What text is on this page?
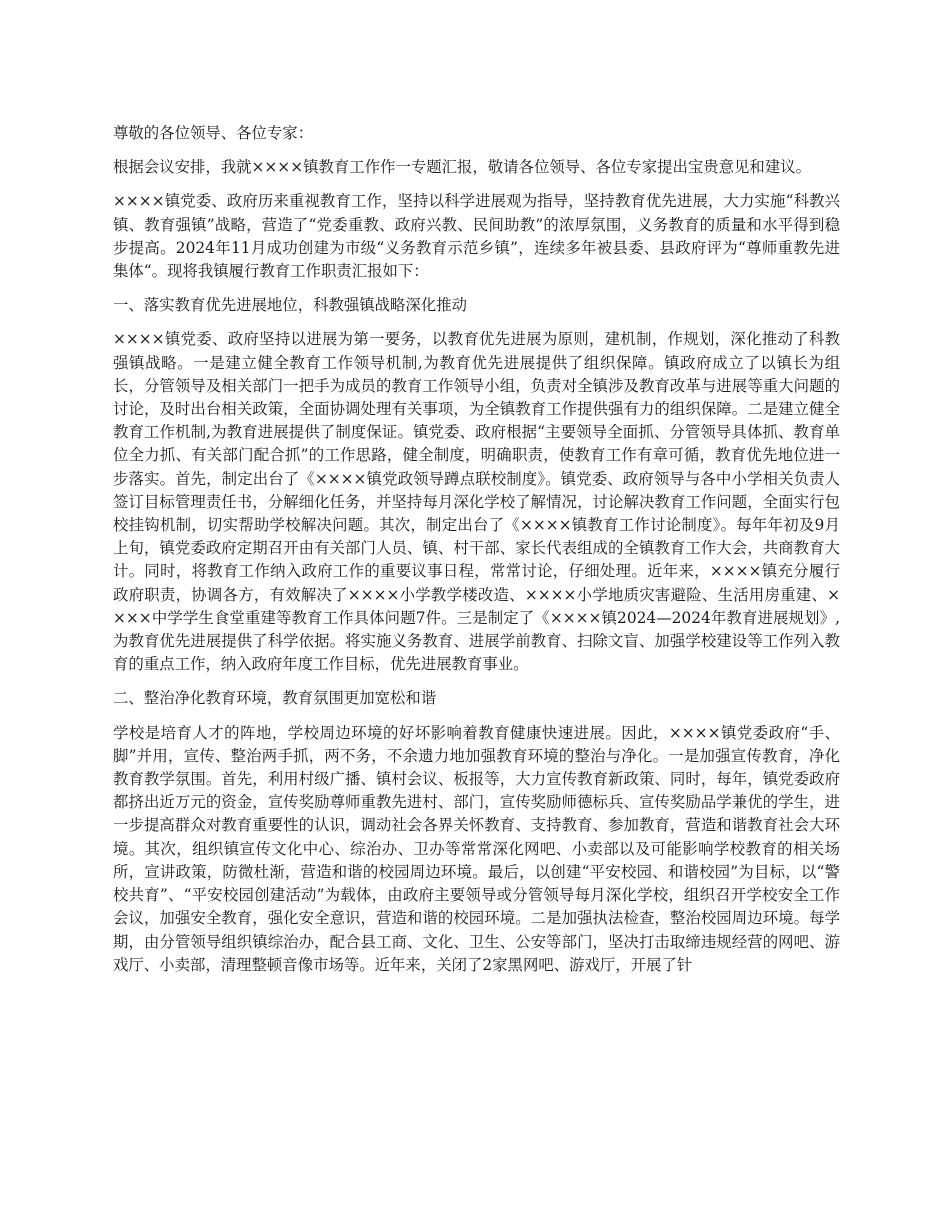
尊敬的各位领导、各位专家：

根据会议安排，我就××××镇教育工作作一专题汇报，敬请各位领导、各位专家提出宝贵意见和建议。

××××镇党委、政府历来重视教育工作，坚持以科学进展观为指导，坚持教育优先进展，大力实施“科教兴镇、教育强镇”战略，营造了“党委重教、政府兴教、民间助教”的浓厚氛围，义务教育的质量和水平得到稳步提高。2024年11月成功创建为市级“义务教育示范乡镇”，连续多年被县委、县政府评为“尊师重教先进集体“。现将我镇履行教育工作职责汇报如下：

一、落实教育优先进展地位，科教强镇战略深化推动

××××镇党委、政府坚持以进展为第一要务，以教育优先进展为原则，建机制，作规划，深化推动了科教强镇战略。一是建立健全教育工作领导机制,为教育优先进展提供了组织保障。镇政府成立了以镇长为组长，分管领导及相关部门一把手为成员的教育工作领导小组，负责对全镇涉及教育改革与进展等重大问题的讨论，及时出台相关政策，全面协调处理有关事项，为全镇教育工作提供强有力的组织保障。二是建立健全教育工作机制,为教育进展提供了制度保证。镇党委、政府根据“主要领导全面抓、分管领导具体抓、教育单位全力抓、有关部门配合抓”的工作思路，健全制度，明确职责，使教育工作有章可循，教育优先地位进一步落实。首先，制定出台了《××××镇党政领导蹲点联校制度》。镇党委、政府领导与各中小学相关负责人签订目标管理责任书，分解细化任务，并坚持每月深化学校了解情况，讨论解决教育工作问题，全面实行包校挂钩机制，切实帮助学校解决问题。其次，制定出台了《××××镇教育工作讨论制度》。每年年初及9月上旬，镇党委政府定期召开由有关部门人员、镇、村干部、家长代表组成的全镇教育工作大会，共商教育大计。同时，将教育工作纳入政府工作的重要议事日程，常常讨论，仔细处理。近年来，××××镇充分履行政府职责，协调各方，有效解决了××××小学教学楼改造、××××小学地质灾害避险、生活用房重建、××××中学学生食堂重建等教育工作具体问题7件。三是制定了《××××镇2024—2024年教育进展规划》,为教育优先进展提供了科学依据。将实施义务教育、进展学前教育、扫除文盲、加强学校建设等工作列入教育的重点工作，纳入政府年度工作目标，优先进展教育事业。

二、整治净化教育环境，教育氛围更加宽松和谐

学校是培育人才的阵地，学校周边环境的好坏影响着教育健康快速进展。因此，××××镇党委政府“手、脚”并用，宣传、整治两手抓，两不务，不余遗力地加强教育环境的整治与净化。一是加强宣传教育，净化教育教学氛围。首先，利用村级广播、镇村会议、板报等，大力宣传教育新政策、同时，每年，镇党委政府都挤出近万元的资金，宣传奖励尊师重教先进村、部门，宣传奖励师德标兵、宣传奖励品学兼优的学生，进一步提高群众对教育重要性的认识，调动社会各界关怀教育、支持教育、参加教育，营造和谐教育社会大环境。其次，组织镇宣传文化中心、综治办、卫办等常常深化网吧、小卖部以及可能影响学校教育的相关场所，宣讲政策，防微杜渐，营造和谐的校园周边环境。最后，以创建“平安校园、和谐校园”为目标，以“警校共育”、“平安校园创建活动”为载体，由政府主要领导或分管领导每月深化学校，组织召开学校安全工作会议，加强安全教育，强化安全意识，营造和谐的校园环境。二是加强执法检查，整治校园周边环境。每学期，由分管领导组织镇综治办，配合县工商、文化、卫生、公安等部门，坚决打击取缔违规经营的网吧、游戏厅、小卖部，清理整顿音像市场等。近年来，关闭了2家黑网吧、游戏厅，开展了针
